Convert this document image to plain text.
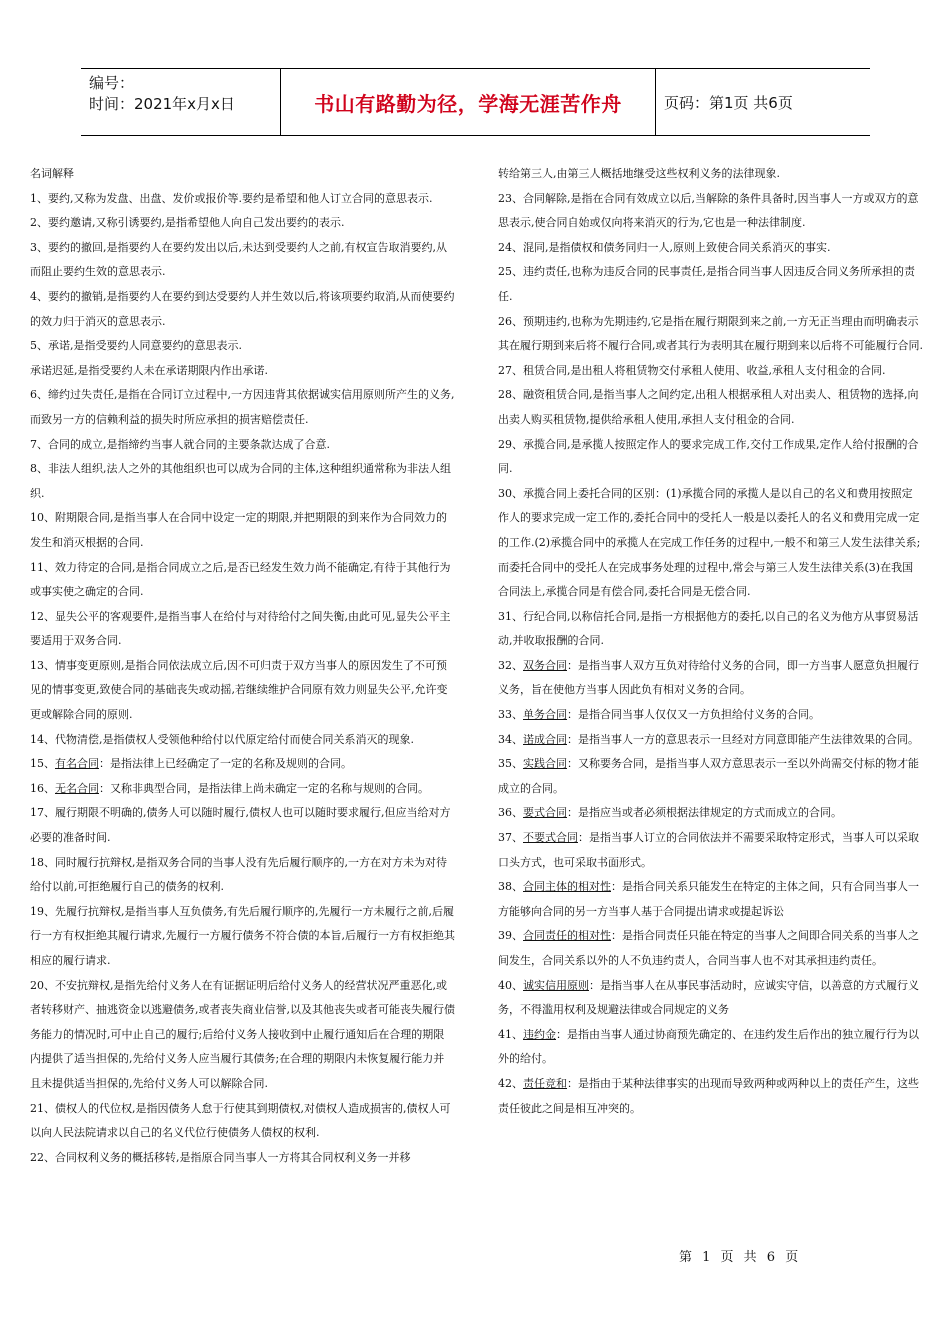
编号：
时间：2021年x月x日	书山有路勤为径，学海无涯苦作舟	页码：第1页 共6页

名词解释

1、要约,又称为发盘、出盘、发价或报价等.要约是希望和他人订立合同的意思表示.

2、要约邀请,又称引诱要约,是指希望他人向自己发出要约的表示.

3、要约的撤回,是指要约人在要约发出以后,未达到受要约人之前,有权宣告取消要约,从而阻止要约生效的意思表示.

4、要约的撤销,是指要约人在要约到达受要约人并生效以后,将该项要约取消,从而使要约的效力归于消灭的意思表示.

5、承诺,是指受要约人同意要约的意思表示.

承诺迟延,是指受要约人未在承诺期限内作出承诺.

6、缔约过失责任,是指在合同订立过程中,一方因违背其依据诚实信用原则所产生的义务,而致另一方的信赖利益的损失时所应承担的损害赔偿责任.

7、合同的成立,是指缔约当事人就合同的主要条款达成了合意.

8、非法人组织,法人之外的其他组织也可以成为合同的主体,这种组织通常称为非法人组织.

10、附期限合同,是指当事人在合同中设定一定的期限,并把期限的到来作为合同效力的发生和消灭根据的合同.

11、效力待定的合同,是指合同成立之后,是否已经发生效力尚不能确定,有待于其他行为或事实使之确定的合同.

12、显失公平的客观要件,是指当事人在给付与对待给付之间失衡,由此可见,显失公平主要适用于双务合同.

13、情事变更原则,是指合同依法成立后,因不可归责于双方当事人的原因发生了不可预见的情事变更,致使合同的基础丧失或动摇,若继续维护合同原有效力则显失公平,允许变更或解除合同的原则.

14、代物清偿,是指债权人受领他种给付以代原定给付而使合同关系消灭的现象.

15、有名合同：是指法律上已经确定了一定的名称及规则的合同。

16、无名合同：又称非典型合同，是指法律上尚未确定一定的名称与规则的合同。

17、履行期限不明确的,债务人可以随时履行,债权人也可以随时要求履行,但应当给对方必要的准备时间.

18、同时履行抗辩权,是指双务合同的当事人没有先后履行顺序的,一方在对方未为对待给付以前,可拒绝履行自己的债务的权利.

19、先履行抗辩权,是指当事人互负债务,有先后履行顺序的,先履行一方未履行之前,后履行一方有权拒绝其履行请求,先履行一方履行债务不符合债的本旨,后履行一方有权拒绝其相应的履行请求.

20、不安抗辩权,是指先给付义务人在有证据证明后给付义务人的经营状况严重恶化,或者转移财产、抽逃资金以逃避债务,或者丧失商业信誉,以及其他丧失或者可能丧失履行债务能力的情况时,可中止自己的履行;后给付义务人接收到中止履行通知后在合理的期限内提供了适当担保的,先给付义务人应当履行其债务;在合理的期限内未恢复履行能力并且未提供适当担保的,先给付义务人可以解除合同.

21、债权人的代位权,是指因债务人怠于行使其到期债权,对债权人造成损害的,债权人可以向人民法院请求以自己的名义代位行使债务人债权的权利.

22、合同权利义务的概括移转,是指原合同当事人一方将其合同权利义务一并移

转给第三人,由第三人概括地继受这些权利义务的法律现象.

23、合同解除,是指在合同有效成立以后,当解除的条件具备时,因当事人一方或双方的意思表示,使合同自始或仅向将来消灭的行为,它也是一种法律制度.

24、混同,是指债权和债务同归一人,原则上致使合同关系消灭的事实.

25、违约责任,也称为违反合同的民事责任,是指合同当事人因违反合同义务所承担的责任.

26、预期违约,也称为先期违约,它是指在履行期限到来之前,一方无正当理由而明确表示其在履行期到来后将不履行合同,或者其行为表明其在履行期到来以后将不可能履行合同.

27、租赁合同,是出租人将租赁物交付承租人使用、收益,承租人支付租金的合同.

28、融资租赁合同,是指当事人之间约定,出租人根据承租人对出卖人、租赁物的选择,向出卖人购买租赁物,提供给承租人使用,承担人支付租金的合同.

29、承揽合同,是承揽人按照定作人的要求完成工作,交付工作成果,定作人给付报酬的合同.

30、承揽合同上委托合同的区别：(1)承揽合同的承揽人是以自己的名义和费用按照定作人的要求完成一定工作的,委托合同中的受托人一般是以委托人的名义和费用完成一定的工作.(2)承揽合同中的承揽人在完成工作任务的过程中,一般不和第三人发生法律关系;而委托合同中的受托人在完成事务处理的过程中,常会与第三人发生法律关系(3)在我国合同法上,承揽合同是有偿合同,委托合同是无偿合同.

31、行纪合同,以称信托合同,是指一方根据他方的委托,以自己的名义为他方从事贸易活动,并收取报酬的合同.

32、双务合同：是指当事人双方互负对待给付义务的合同，即一方当事人愿意负担履行义务，旨在使他方当事人因此负有相对义务的合同。

33、单务合同：是指合同当事人仅仅又一方负担给付义务的合同。

34、诺成合同：是指当事人一方的意思表示一旦经对方同意即能产生法律效果的合同。

35、实践合同：又称要务合同，是指当事人双方意思表示一至以外尚需交付标的物才能成立的合同。

36、要式合同：是指应当或者必须根据法律规定的方式而成立的合同。

37、不要式合同：是指当事人订立的合同依法并不需要采取特定形式，当事人可以采取口头方式，也可采取书面形式。

38、合同主体的相对性：是指合同关系只能发生在特定的主体之间，只有合同当事人一方能够向合同的另一方当事人基于合同提出请求或提起诉讼

39、合同责任的相对性：是指合同责任只能在特定的当事人之间即合同关系的当事人之间发生，合同关系以外的人不负违约责人，合同当事人也不对其承担违约责任。

40、诚实信用原则：是指当事人在从事民事活动时，应诚实守信，以善意的方式履行义务，不得滥用权利及规避法律或合同规定的义务

41、违约金：是指由当事人通过协商预先确定的、在违约发生后作出的独立履行行为以外的给付。

42、责任竞和：是指由于某种法律事实的出现而导致两种或两种以上的责任产生，这些责任彼此之间是相互冲突的。

第 1 页 共 6 页
